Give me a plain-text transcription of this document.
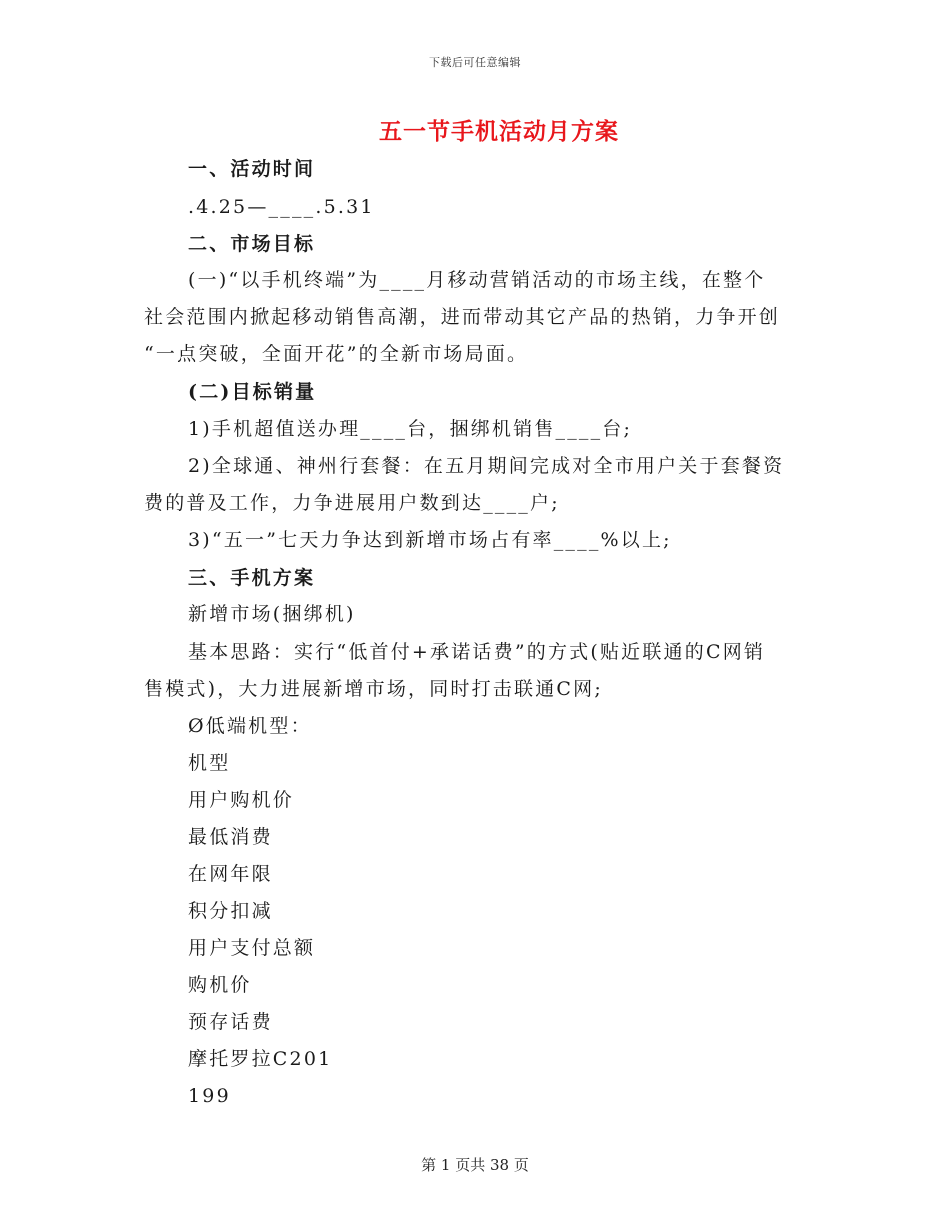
下载后可任意编辑
五一节手机活动月方案
一、活动时间
.4.25—____.5.31
二、市场目标
(一)“以手机终端”为____月移动营销活动的市场主线，在整个
社会范围内掀起移动销售高潮，进而带动其它产品的热销，力争开创
“一点突破，全面开花”的全新市场局面。
(二)目标销量
1)手机超值送办理____台，捆绑机销售____台;
2)全球通、神州行套餐：在五月期间完成对全市用户关于套餐资
费的普及工作，力争进展用户数到达____户;
3)“五一”七天力争达到新增市场占有率____%以上;
三、手机方案
新增市场(捆绑机)
基本思路：实行“低首付+承诺话费”的方式(贴近联通的C网销
售模式)，大力进展新增市场，同时打击联通C网;
Ø低端机型：
机型
用户购机价
最低消费
在网年限
积分扣减
用户支付总额
购机价
预存话费
摩托罗拉C201
199
第 1 页共 38 页
